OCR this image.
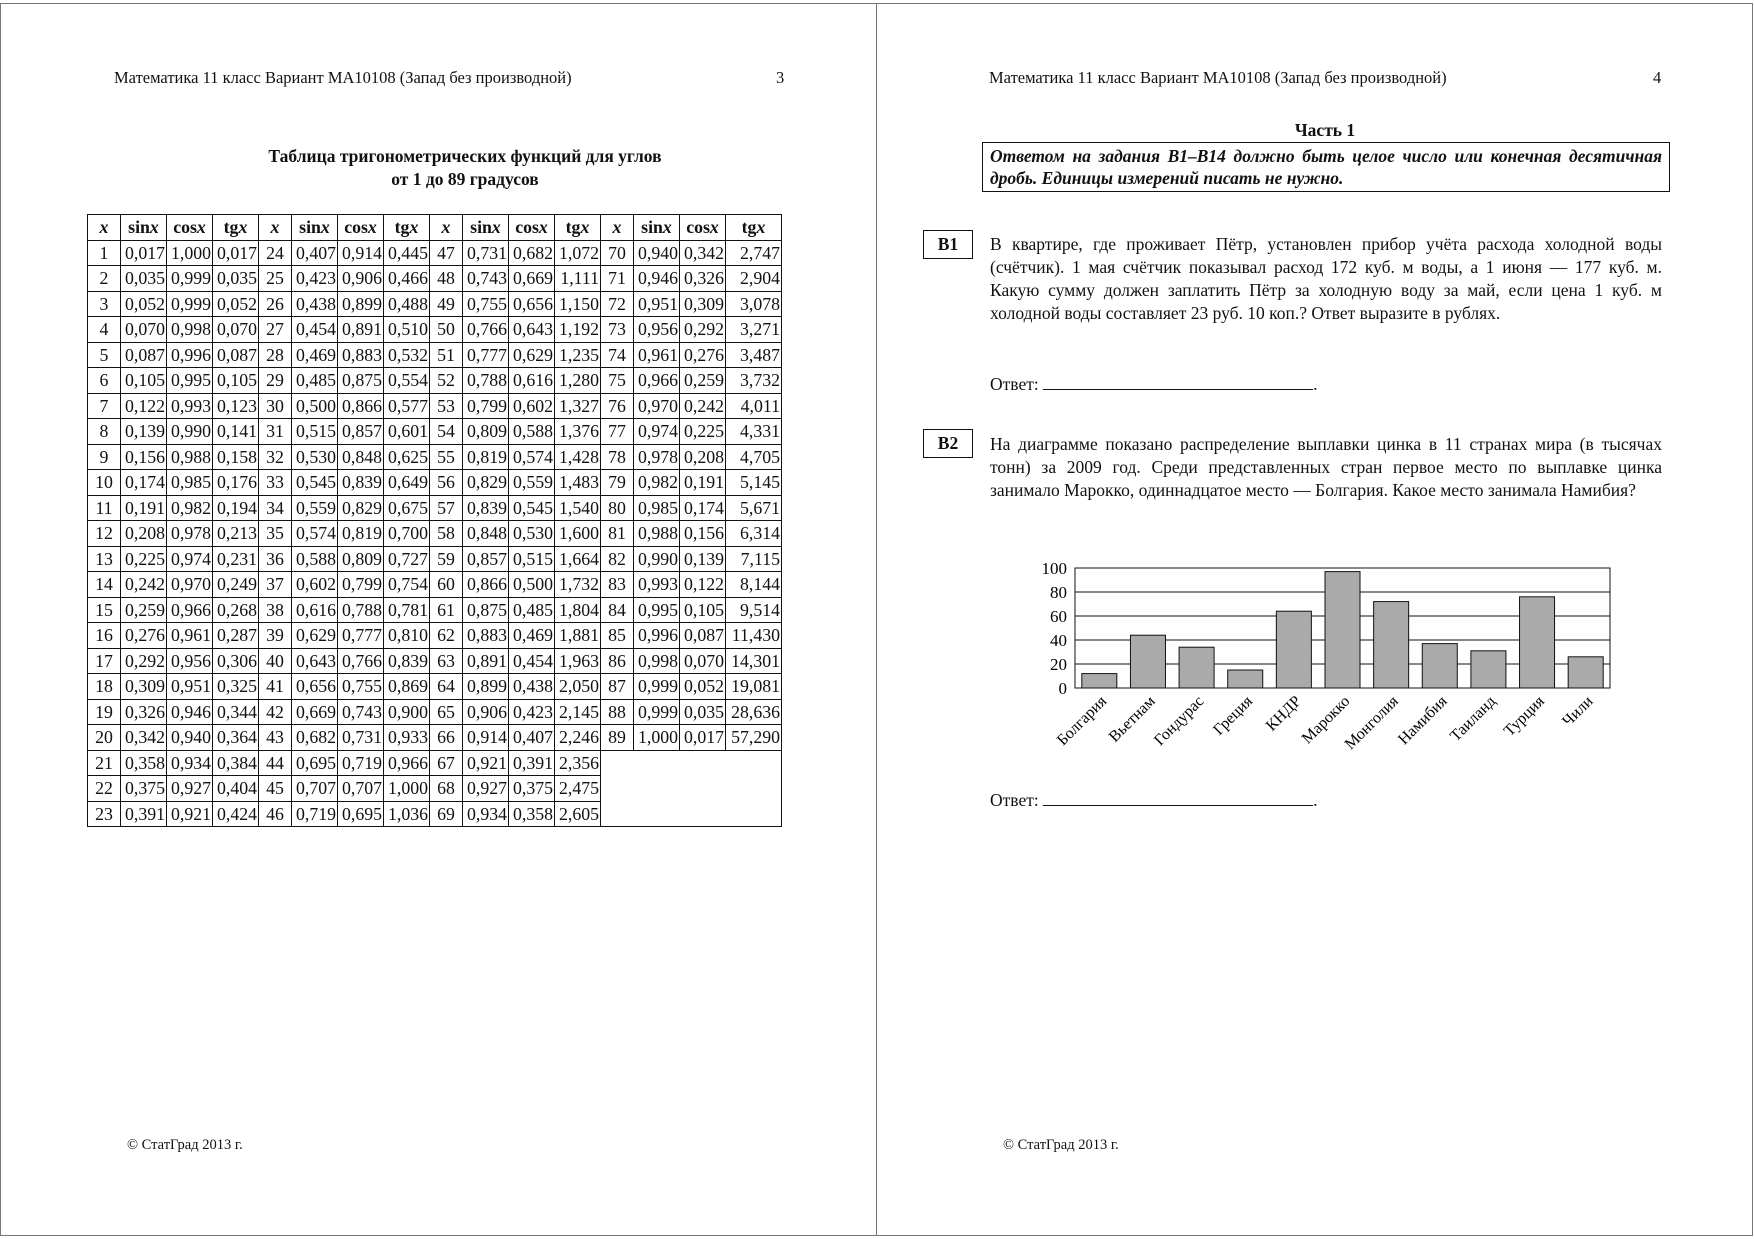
Математика 11 класс Вариант МА10108 (Запад без производной)	3
Таблица тригонометрических функций для углов
от 1 до 89 градусов
x	sinx	cosx	tgx	x	sinx	cosx	tgx	x	sinx	cosx	tgx	x	sinx	cosx	tgx
1	0,017	1,000	0,017	24	0,407	0,914	0,445	47	0,731	0,682	1,072	70	0,940	0,342	2,747
2	0,035	0,999	0,035	25	0,423	0,906	0,466	48	0,743	0,669	1,111	71	0,946	0,326	2,904
3	0,052	0,999	0,052	26	0,438	0,899	0,488	49	0,755	0,656	1,150	72	0,951	0,309	3,078
4	0,070	0,998	0,070	27	0,454	0,891	0,510	50	0,766	0,643	1,192	73	0,956	0,292	3,271
5	0,087	0,996	0,087	28	0,469	0,883	0,532	51	0,777	0,629	1,235	74	0,961	0,276	3,487
6	0,105	0,995	0,105	29	0,485	0,875	0,554	52	0,788	0,616	1,280	75	0,966	0,259	3,732
7	0,122	0,993	0,123	30	0,500	0,866	0,577	53	0,799	0,602	1,327	76	0,970	0,242	4,011
8	0,139	0,990	0,141	31	0,515	0,857	0,601	54	0,809	0,588	1,376	77	0,974	0,225	4,331
9	0,156	0,988	0,158	32	0,530	0,848	0,625	55	0,819	0,574	1,428	78	0,978	0,208	4,705
10	0,174	0,985	0,176	33	0,545	0,839	0,649	56	0,829	0,559	1,483	79	0,982	0,191	5,145
11	0,191	0,982	0,194	34	0,559	0,829	0,675	57	0,839	0,545	1,540	80	0,985	0,174	5,671
12	0,208	0,978	0,213	35	0,574	0,819	0,700	58	0,848	0,530	1,600	81	0,988	0,156	6,314
13	0,225	0,974	0,231	36	0,588	0,809	0,727	59	0,857	0,515	1,664	82	0,990	0,139	7,115
14	0,242	0,970	0,249	37	0,602	0,799	0,754	60	0,866	0,500	1,732	83	0,993	0,122	8,144
15	0,259	0,966	0,268	38	0,616	0,788	0,781	61	0,875	0,485	1,804	84	0,995	0,105	9,514
16	0,276	0,961	0,287	39	0,629	0,777	0,810	62	0,883	0,469	1,881	85	0,996	0,087	11,430
17	0,292	0,956	0,306	40	0,643	0,766	0,839	63	0,891	0,454	1,963	86	0,998	0,070	14,301
18	0,309	0,951	0,325	41	0,656	0,755	0,869	64	0,899	0,438	2,050	87	0,999	0,052	19,081
19	0,326	0,946	0,344	42	0,669	0,743	0,900	65	0,906	0,423	2,145	88	0,999	0,035	28,636
20	0,342	0,940	0,364	43	0,682	0,731	0,933	66	0,914	0,407	2,246	89	1,000	0,017	57,290
21	0,358	0,934	0,384	44	0,695	0,719	0,966	67	0,921	0,391	2,356				
22	0,375	0,927	0,404	45	0,707	0,707	1,000	68	0,927	0,375	2,475				
23	0,391	0,921	0,424	46	0,719	0,695	1,036	69	0,934	0,358	2,605				
© СтатГрад 2013 г.
Математика 11 класс Вариант МА10108 (Запад без производной)	4
Часть 1
Ответом на задания В1–В14 должно быть целое число или конечная десятичная дробь. Единицы измерений писать не нужно.
B1	В квартире, где проживает Пётр, установлен прибор учёта расхода холодной воды (счётчик). 1 мая счётчик показывал расход 172 куб. м воды, а 1 июня — 177 куб. м. Какую сумму должен заплатить Пётр за холодную воду за май, если цена 1 куб. м холодной воды составляет 23 руб. 10 коп.? Ответ выразите в рублях.
Ответ:	.
B2	На диаграмме показано распределение выплавки цинка в 11 странах мира (в тысячах тонн) за 2009 год. Среди представленных стран первое место по выплавке цинка занимало Марокко, одиннадцатое место — Болгария. Какое место занимала Намибия?
0
20
40
60
80
100
Болгария
Вьетнам
Гондурас Греция КНДР
Марокко
Монголия
Намибия
Таиланд Турция Чили
Ответ:	.
© СтатГрад 2013 г.
